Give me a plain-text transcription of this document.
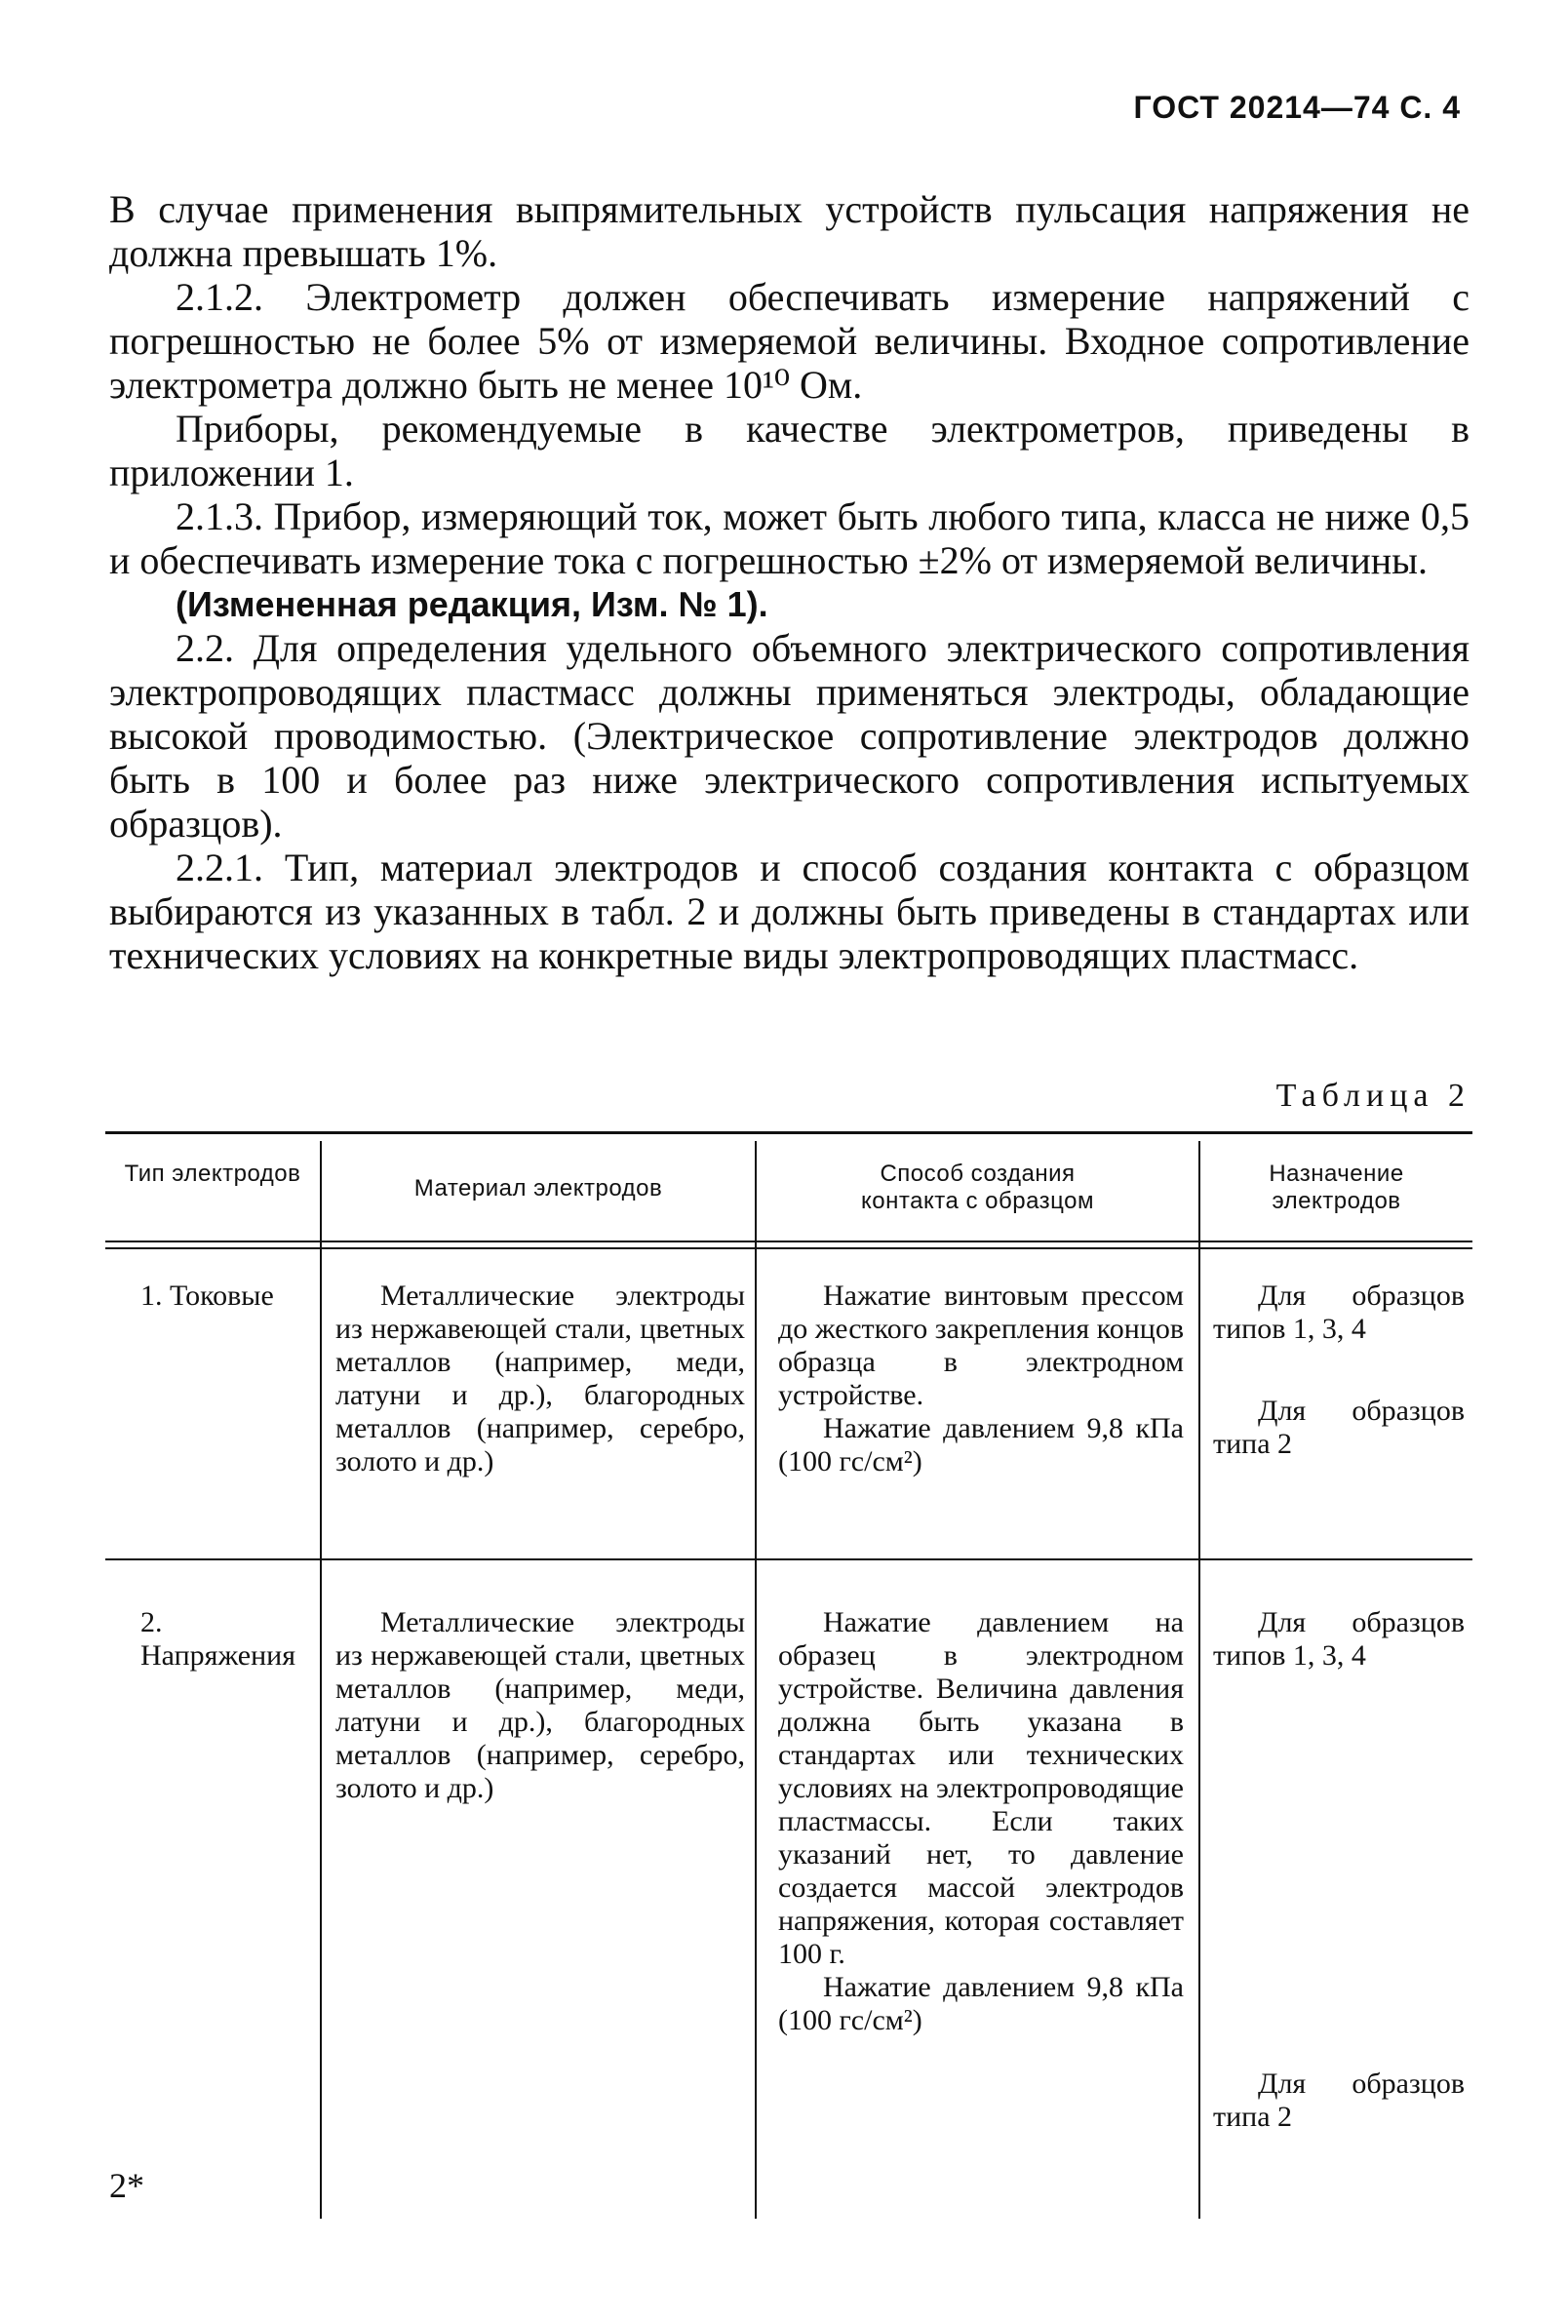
ГОСТ 20214—74 С. 4

В случае применения выпрямительных устройств пульсация напряжения не должна превышать 1%.

2.1.2. Электрометр должен обеспечивать измерение напряжений с погрешностью не более 5% от измеряемой величины. Входное сопротивление электрометра должно быть не менее 10¹⁰ Ом.

Приборы, рекомендуемые в качестве электрометров, приведены в приложении 1.

2.1.3. Прибор, измеряющий ток, может быть любого типа, класса не ниже 0,5 и обеспечивать измерение тока с погрешностью ±2% от измеряемой величины.

(Измененная редакция, Изм. № 1).

2.2. Для определения удельного объемного электрического сопротивления электропроводящих пластмасс должны применяться электроды, обладающие высокой проводимостью. (Электрическое сопротивление электродов должно быть в 100 и более раз ниже электрического сопротивления испытуемых образцов).

2.2.1. Тип, материал электродов и способ создания контакта с образцом выбираются из указанных в табл. 2 и должны быть приведены в стандартах или технических условиях на конкретные виды электропроводящих пластмасс.

Таблица 2
Тип электродов
Материал электродов
Способ создания контакта с образцом
Назначение электродов
1. Токовые	Металлические электроды из нержавеющей стали, цветных металлов (например, меди, латуни и др.), благородных металлов (например, серебро, золото и др.)
Нажатие винтовым прессом до жесткого закрепления концов образца в электродном устройстве.
Нажатие давлением 9,8 кПа (100 гс/см²)
Для образцов типов 1, 3, 4
Для образцов типа 2
2. Напряжения
Металлические электроды из нержавеющей стали, цветных металлов (например, меди, латуни и др.), благородных металлов (например, серебро, золото и др.)
Нажатие давлением на образец в электродном устройстве. Величина давления должна быть указана в стандартах или технических условиях на электропроводящие пластмассы. Если таких указаний нет, то давление создается массой электродов напряжения, которая составляет 100 г.
Нажатие давлением 9,8 кПа (100 гс/см²)
Для образцов типов 1, 3, 4
Для образцов типа 2
2*
